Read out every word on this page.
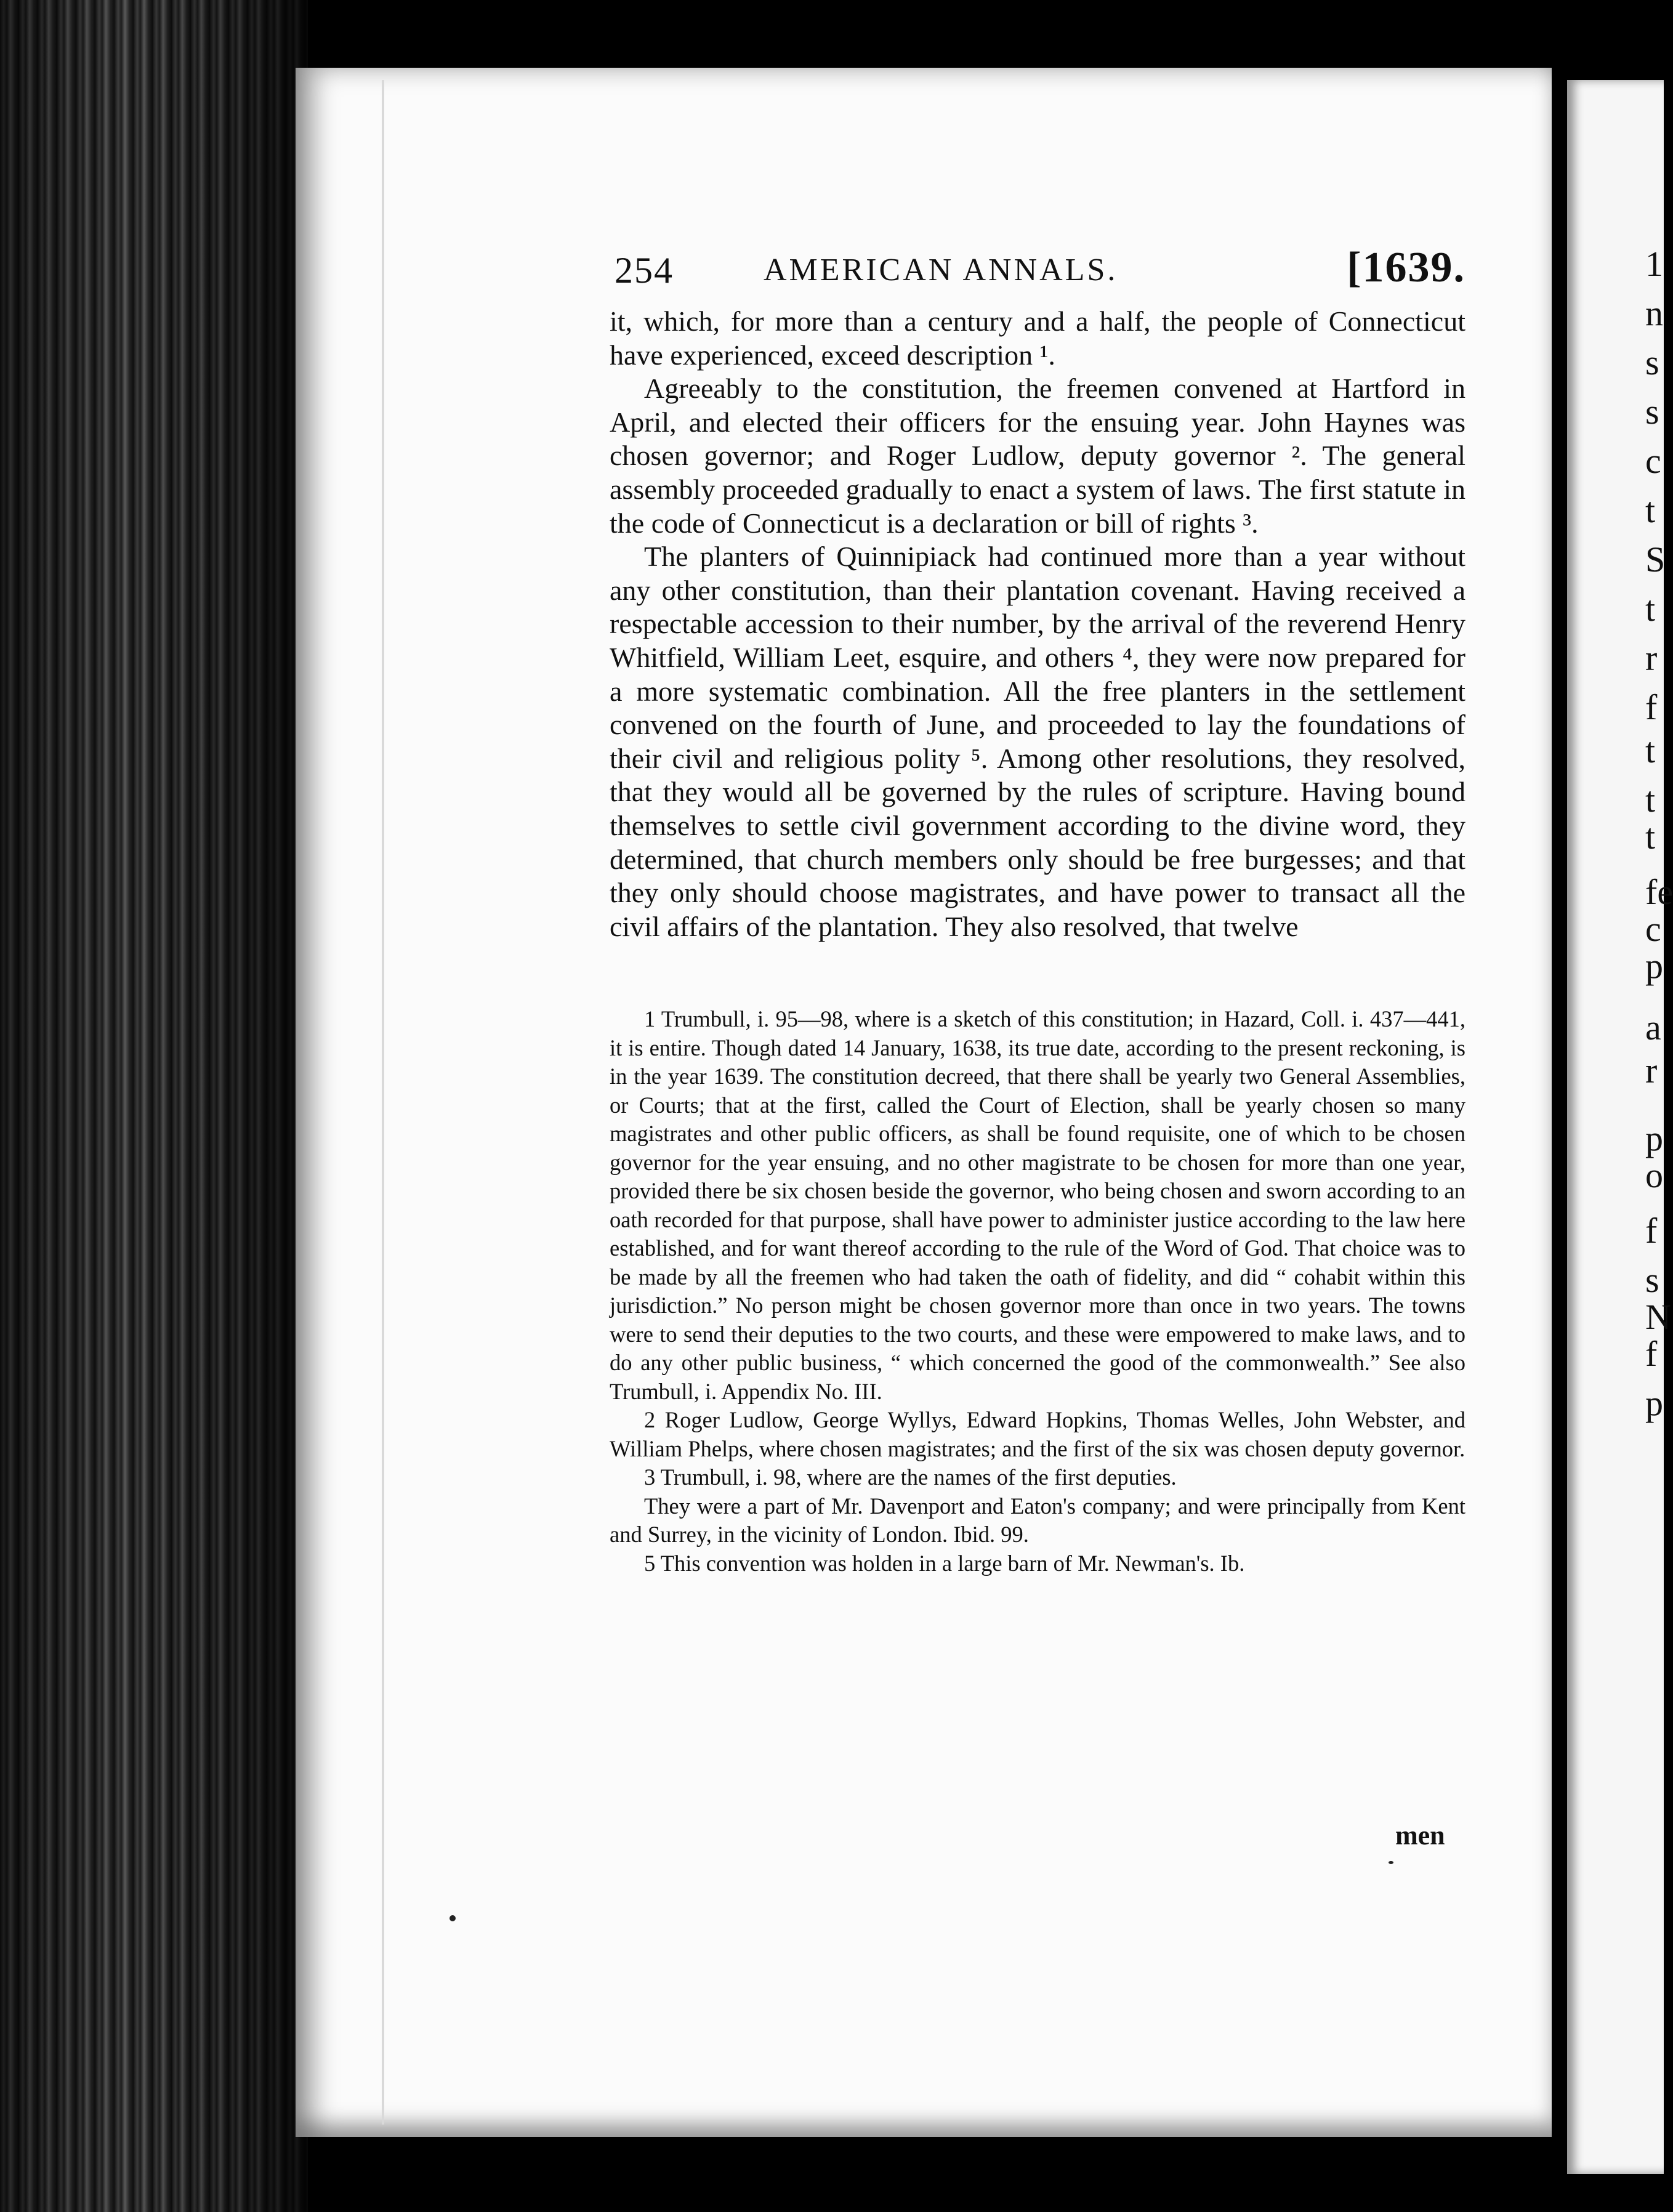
1
n
s
s
c
t
S
t
r
f
t
t
t
fe
c
p
a
r
p
o
f
s
N
f
p
254	AMERICAN ANNALS.	[1639.

it, which, for more than a century and a half, the people of Connecticut have experienced, exceed description ¹.

Agreeably to the constitution, the freemen convened at Hartford in April, and elected their officers for the ensuing year. John Haynes was chosen governor; and Roger Ludlow, deputy governor ². The general assembly proceeded gradually to enact a system of laws. The first statute in the code of Connecticut is a declaration or bill of rights ³.

The planters of Quinnipiack had continued more than a year without any other constitution, than their plantation covenant. Having received a respectable accession to their number, by the arrival of the reverend Henry Whitfield, William Leet, esquire, and others ⁴, they were now prepared for a more systematic combination. All the free planters in the settlement convened on the fourth of June, and proceeded to lay the foundations of their civil and religious polity ⁵. Among other resolutions, they resolved, that they would all be governed by the rules of scripture. Having bound themselves to settle civil government according to the divine word, they determined, that church members only should be free burgesses; and that they only should choose magistrates, and have power to transact all the civil affairs of the plantation. They also resolved, that twelve

1 Trumbull, i. 95—98, where is a sketch of this constitution; in Hazard, Coll. i. 437—441, it is entire. Though dated 14 January, 1638, its true date, according to the present reckoning, is in the year 1639. The constitution decreed, that there shall be yearly two General Assemblies, or Courts; that at the first, called the Court of Election, shall be yearly chosen so many magistrates and other public officers, as shall be found requisite, one of which to be chosen governor for the year ensuing, and no other magistrate to be chosen for more than one year, provided there be six chosen beside the governor, who being chosen and sworn according to an oath recorded for that purpose, shall have power to administer justice according to the law here established, and for want thereof according to the rule of the Word of God. That choice was to be made by all the freemen who had taken the oath of fidelity, and did “ cohabit within this jurisdiction.” No person might be chosen governor more than once in two years. The towns were to send their deputies to the two courts, and these were empowered to make laws, and to do any other public business, “ which concerned the good of the commonwealth.” See also Trumbull, i. Appendix No. III.

2 Roger Ludlow, George Wyllys, Edward Hopkins, Thomas Welles, John Webster, and William Phelps, where chosen magistrates; and the first of the six was chosen deputy governor.

3 Trumbull, i. 98, where are the names of the first deputies.

They were a part of Mr. Davenport and Eaton's company; and were principally from Kent and Surrey, in the vicinity of London. Ibid. 99.

5 This convention was holden in a large barn of Mr. Newman's. Ib.

men
